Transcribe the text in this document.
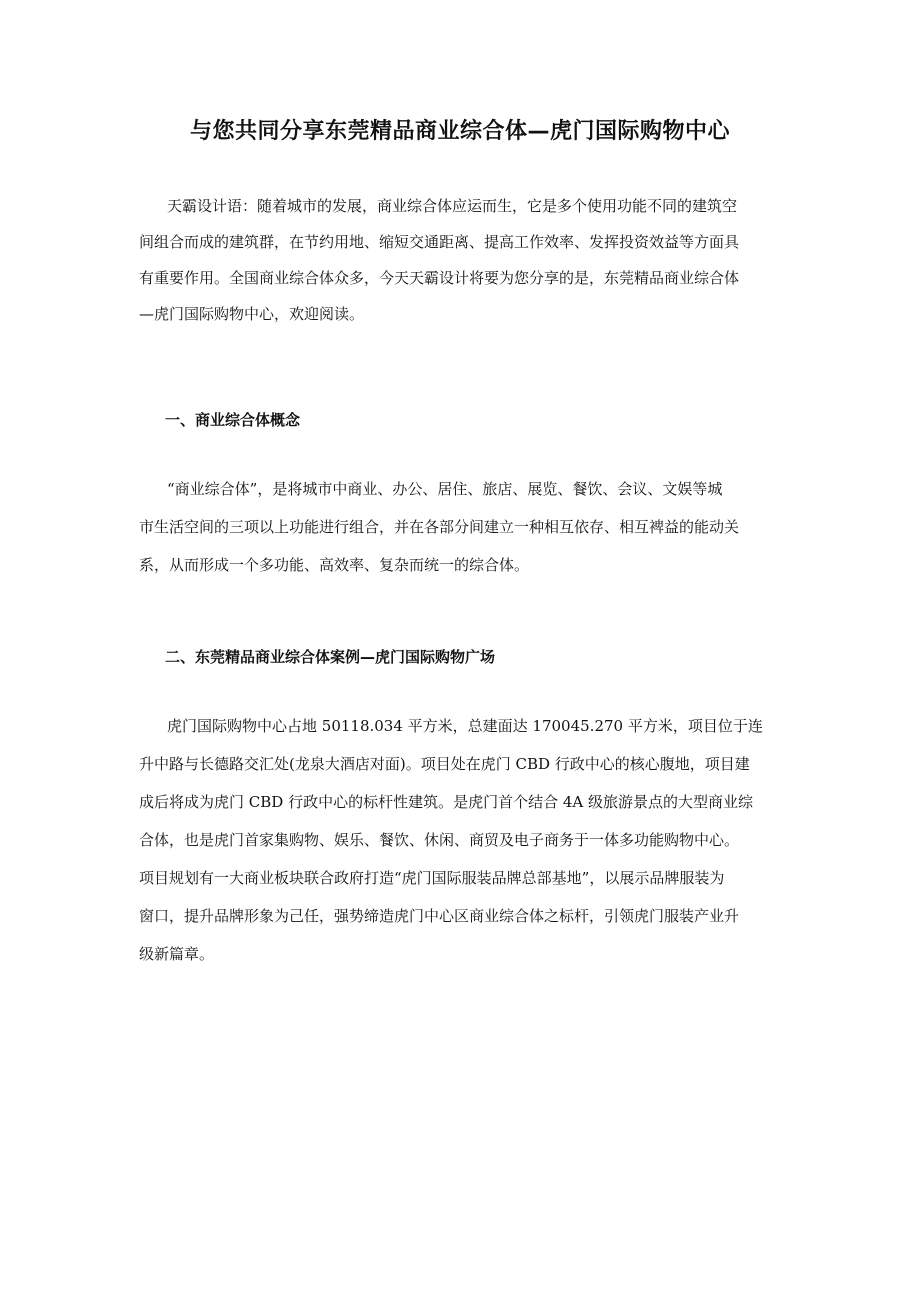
与您共同分享东莞精品商业综合体—虎门国际购物中心
天霸设计语：随着城市的发展，商业综合体应运而生，它是多个使用功能不同的建筑空
间组合而成的建筑群，在节约用地、缩短交通距离、提高工作效率、发挥投资效益等方面具
有重要作用。全国商业综合体众多，今天天霸设计将要为您分享的是，东莞精品商业综合体
—虎门国际购物中心，欢迎阅读。
一、商业综合体概念
“商业综合体”，是将城市中商业、办公、居住、旅店、展览、餐饮、会议、文娱等城
市生活空间的三项以上功能进行组合，并在各部分间建立一种相互依存、相互裨益的能动关
系，从而形成一个多功能、高效率、复杂而统一的综合体。
二、东莞精品商业综合体案例—虎门国际购物广场
虎门国际购物中心占地 50118.034 平方米，总建面达 170045.270 平方米，项目位于连
升中路与长德路交汇处(龙泉大酒店对面)。项目处在虎门 CBD 行政中心的核心腹地，项目建
成后将成为虎门 CBD 行政中心的标杆性建筑。是虎门首个结合 4A 级旅游景点的大型商业综
合体，也是虎门首家集购物、娱乐、餐饮、休闲、商贸及电子商务于一体多功能购物中心。
项目规划有一大商业板块联合政府打造“虎门国际服装品牌总部基地”，以展示品牌服装为
窗口，提升品牌形象为己任，强势缔造虎门中心区商业综合体之标杆，引领虎门服装产业升
级新篇章。
